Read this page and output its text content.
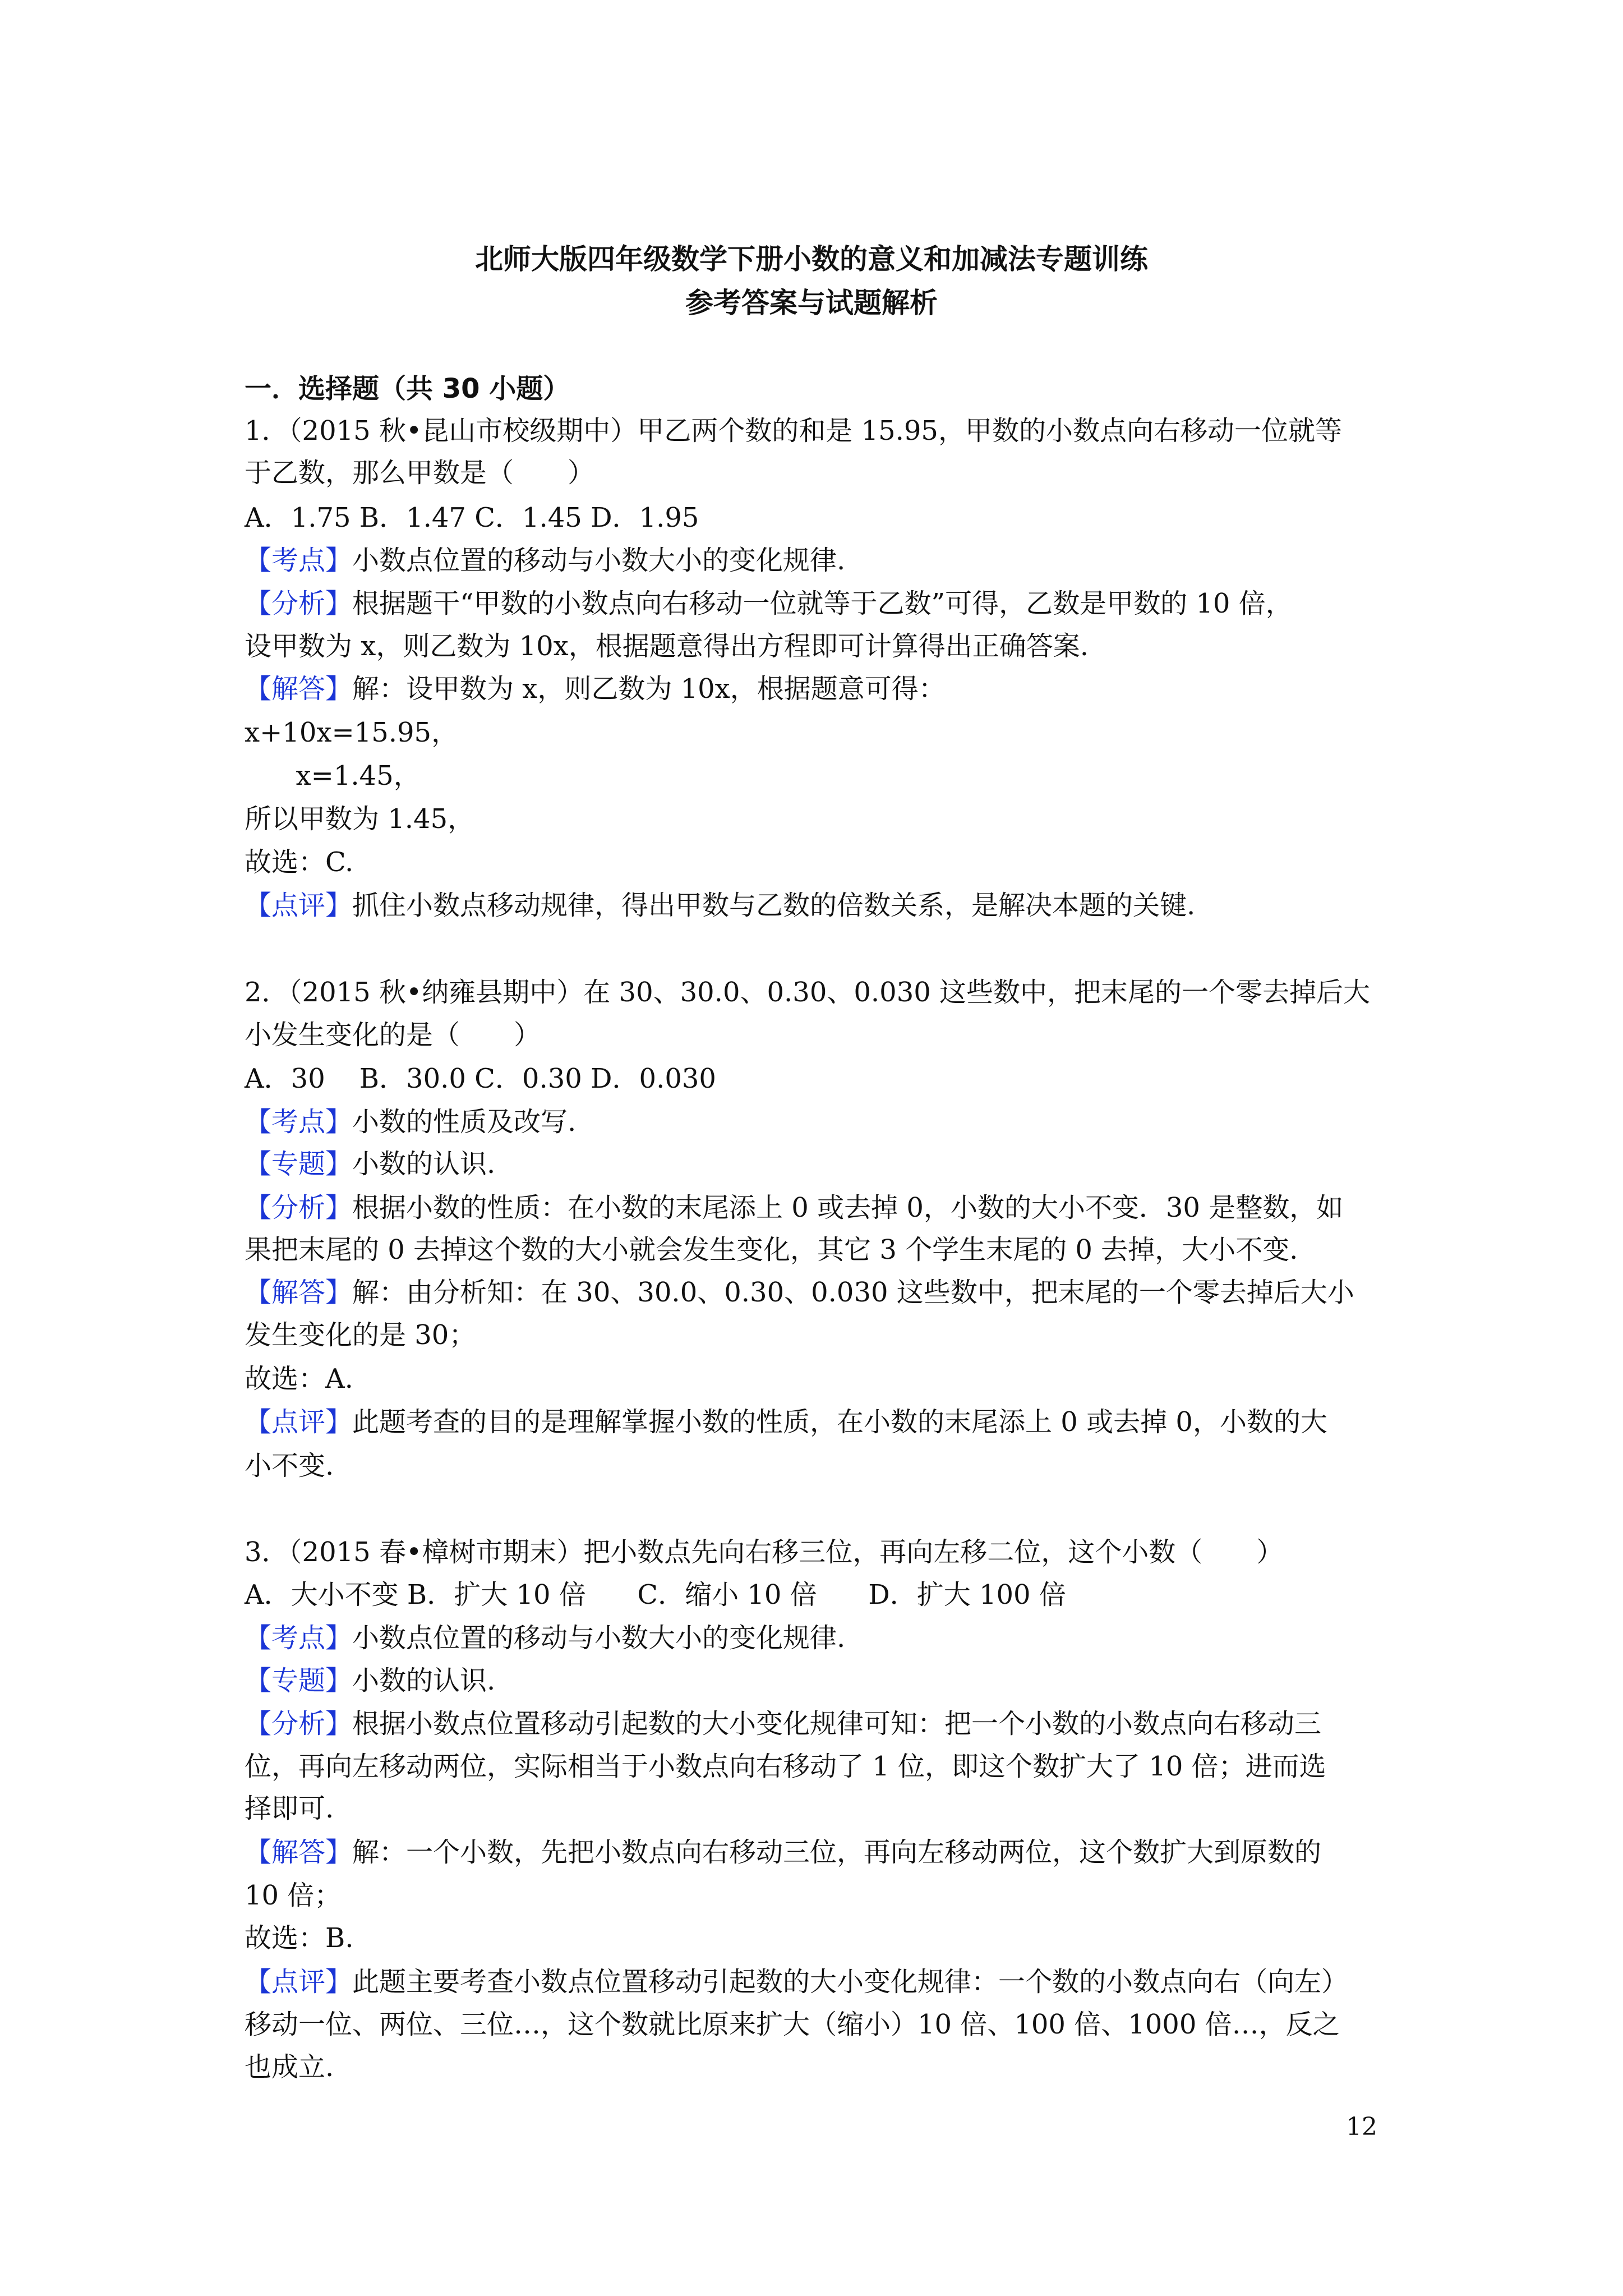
北师大版四年级数学下册小数的意义和加减法专题训练
参考答案与试题解析
一．选择题（共 30 小题）
1．（2015 秋•昆山市校级期中）甲乙两个数的和是 15.95，甲数的小数点向右移动一位就等
于乙数，那么甲数是（　　）
A．1.75 B．1.47 C．1.45 D．1.95
【考点】小数点位置的移动与小数大小的变化规律.
【分析】根据题干“甲数的小数点向右移动一位就等于乙数”可得，乙数是甲数的 10 倍，
设甲数为 x，则乙数为 10x，根据题意得出方程即可计算得出正确答案.
【解答】解：设甲数为 x，则乙数为 10x，根据题意可得：
x+10x=15.95，
x=1.45，
所以甲数为 1.45，
故选：C.
【点评】抓住小数点移动规律，得出甲数与乙数的倍数关系，是解决本题的关键.
2．（2015 秋•纳雍县期中）在 30、30.0、0.30、0.030 这些数中，把末尾的一个零去掉后大
小发生变化的是（　　）
A．30    B．30.0 C．0.30 D．0.030
【考点】小数的性质及改写.
【专题】小数的认识.
【分析】根据小数的性质：在小数的末尾添上 0 或去掉 0，小数的大小不变．30 是整数，如
果把末尾的 0 去掉这个数的大小就会发生变化，其它 3 个学生末尾的 0 去掉，大小不变.
【解答】解：由分析知：在 30、30.0、0.30、0.030 这些数中，把末尾的一个零去掉后大小
发生变化的是 30；
故选：A.
【点评】此题考查的目的是理解掌握小数的性质，在小数的末尾添上 0 或去掉 0，小数的大
小不变.
3．（2015 春•樟树市期末）把小数点先向右移三位，再向左移二位，这个小数（　　）
A．大小不变 B．扩大 10 倍      C．缩小 10 倍      D．扩大 100 倍
【考点】小数点位置的移动与小数大小的变化规律.
【专题】小数的认识.
【分析】根据小数点位置移动引起数的大小变化规律可知：把一个小数的小数点向右移动三
位，再向左移动两位，实际相当于小数点向右移动了 1 位，即这个数扩大了 10 倍；进而选
择即可.
【解答】解：一个小数，先把小数点向右移动三位，再向左移动两位，这个数扩大到原数的
10 倍；
故选：B.
【点评】此题主要考查小数点位置移动引起数的大小变化规律：一个数的小数点向右（向左）
移动一位、两位、三位…，这个数就比原来扩大（缩小）10 倍、100 倍、1000 倍…，反之
也成立.
12
